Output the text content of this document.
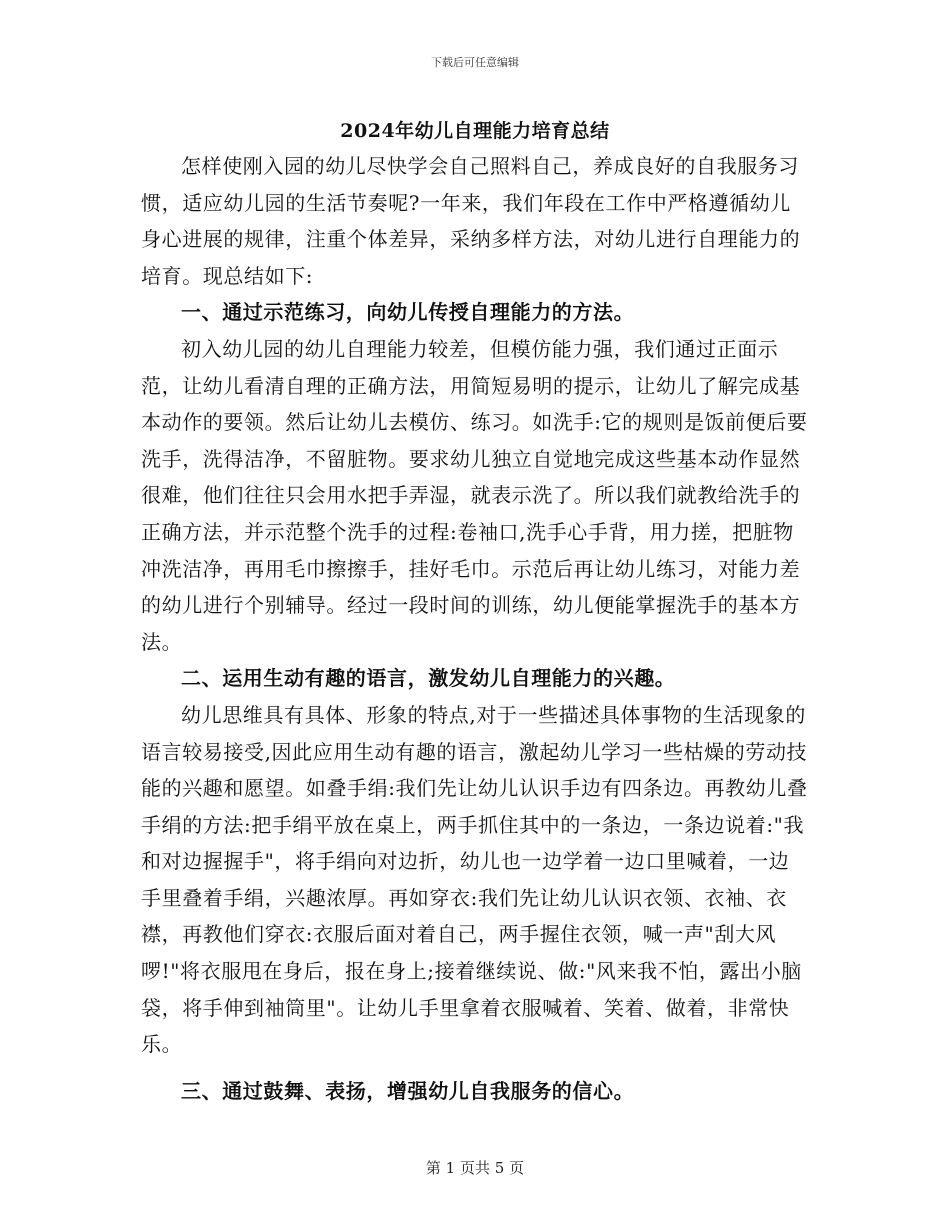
下载后可任意编辑
2024年幼儿自理能力培育总结

怎样使刚入园的幼儿尽快学会自己照料自己，养成良好的自我服务习惯，适应幼儿园的生活节奏呢?一年来，我们年段在工作中严格遵循幼儿身心进展的规律，注重个体差异，采纳多样方法，对幼儿进行自理能力的培育。现总结如下:

一、通过示范练习，向幼儿传授自理能力的方法。

初入幼儿园的幼儿自理能力较差，但模仿能力强，我们通过正面示范，让幼儿看清自理的正确方法，用简短易明的提示，让幼儿了解完成基本动作的要领。然后让幼儿去模仿、练习。如洗手:它的规则是饭前便后要洗手，洗得洁净，不留脏物。要求幼儿独立自觉地完成这些基本动作显然很难，他们往往只会用水把手弄湿，就表示洗了。所以我们就教给洗手的正确方法，并示范整个洗手的过程:卷袖口,洗手心手背，用力搓，把脏物冲洗洁净，再用毛巾擦擦手，挂好毛巾。示范后再让幼儿练习，对能力差的幼儿进行个别辅导。经过一段时间的训练，幼儿便能掌握洗手的基本方法。

二、运用生动有趣的语言，激发幼儿自理能力的兴趣。

幼儿思维具有具体、形象的特点,对于一些描述具体事物的生活现象的语言较易接受,因此应用生动有趣的语言，激起幼儿学习一些枯燥的劳动技能的兴趣和愿望。如叠手绢:我们先让幼儿认识手边有四条边。再教幼儿叠手绢的方法:把手绢平放在桌上，两手抓住其中的一条边，一条边说着:"我和对边握握手"，将手绢向对边折，幼儿也一边学着一边口里喊着，一边手里叠着手绢，兴趣浓厚。再如穿衣:我们先让幼儿认识衣领、衣袖、衣襟，再教他们穿衣:衣服后面对着自己，两手握住衣领，喊一声"刮大风啰!"将衣服甩在身后，报在身上;接着继续说、做:"风来我不怕，露出小脑袋，将手伸到袖筒里"。让幼儿手里拿着衣服喊着、笑着、做着，非常快乐。

三、通过鼓舞、表扬，增强幼儿自我服务的信心。

第 1 页共 5 页
